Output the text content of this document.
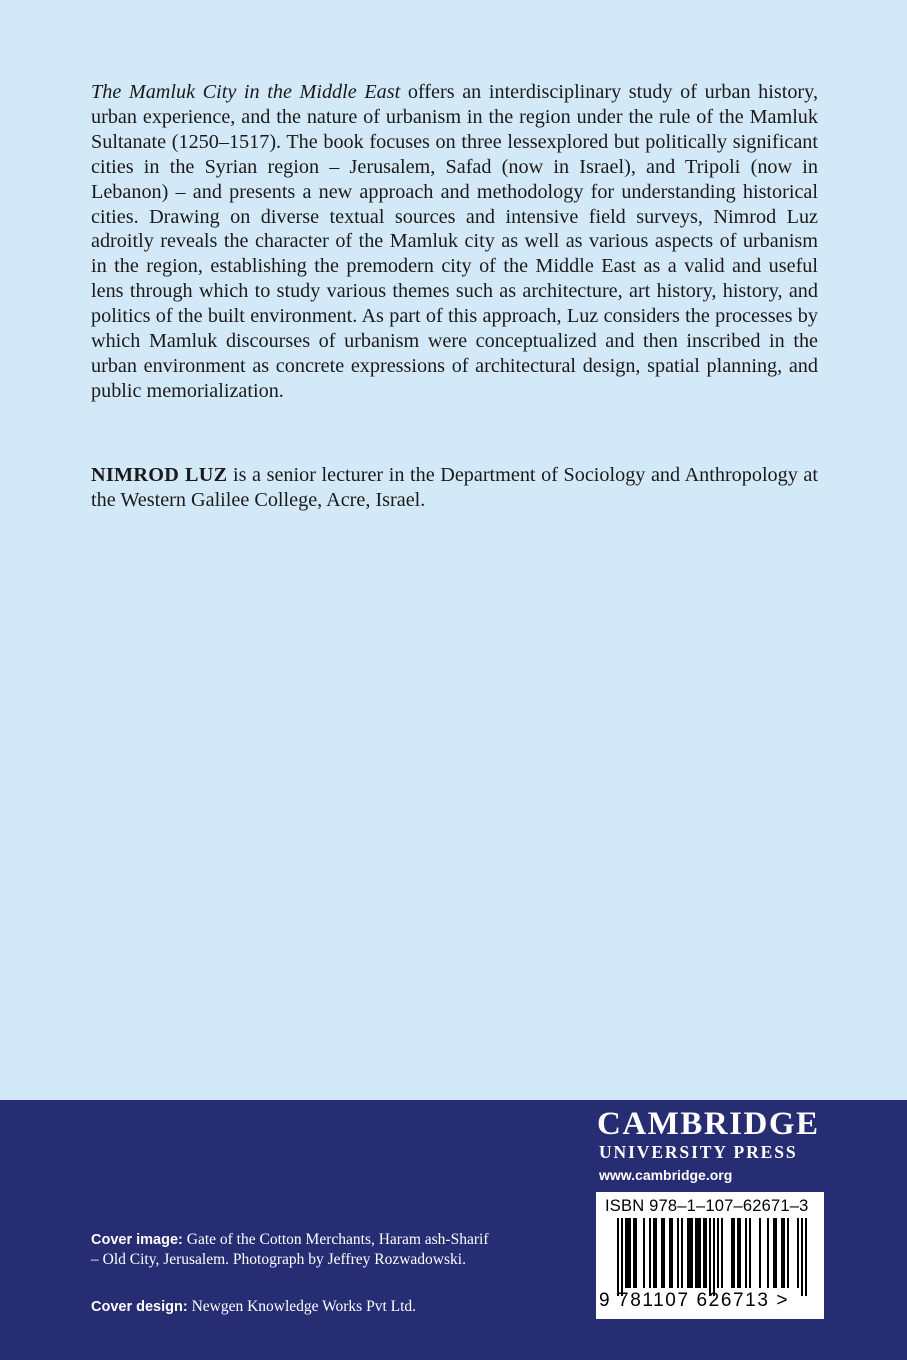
The Mamluk City in the Middle East offers an interdisciplinary study of urban history, urban experience, and the nature of urbanism in the region under the rule of the Mamluk Sultanate (1250–1517). The book focuses on three lessexplored but politically significant cities in the Syrian region – Jerusalem, Safad (now in Israel), and Tripoli (now in Lebanon) – and presents a new approach and methodology for understanding historical cities. Drawing on diverse textual sources and intensive field surveys, Nimrod Luz adroitly reveals the character of the Mamluk city as well as various aspects of urbanism in the region, establishing the premodern city of the Middle East as a valid and useful lens through which to study various themes such as architecture, art history, history, and politics of the built environment. As part of this approach, Luz considers the processes by which Mamluk discourses of urbanism were conceptualized and then inscribed in the urban environment as concrete expressions of architectural design, spatial planning, and public memorialization.

NIMROD LUZ is a senior lecturer in the Department of Sociology and Anthropology at the Western Galilee College, Acre, Israel.

Cover image: Gate of the Cotton Merchants, Haram ash-Sharif – Old City, Jerusalem. Photograph by Jeffrey Rozwadowski.
Cover design: Newgen Knowledge Works Pvt Ltd.
CAMBRIDGE
UNIVERSITY PRESS
www.cambridge.org
ISBN 978–1–107–62671–3
9 781107 626713 >
